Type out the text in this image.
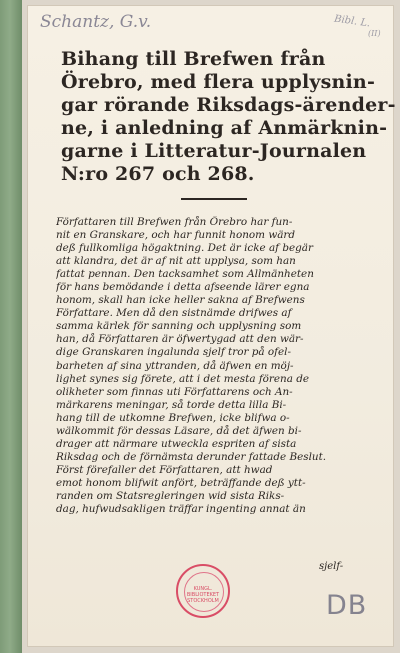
Schantz, G.v.	Bibl. L.
(II)
Bihang till Brefwen från
Örebro, med flera upplysnin-
gar rörande Riksdags-ärender-
ne, i anledning af Anmärknin-
garne i Litteratur-Journalen
N:ro 267 och 268.
Författaren till Brefwen från Örebro har fun-
nit en Granskare, och har funnit honom wärd
deß fullkomliga högaktning. Det är icke af begär
att klandra, det är af nit att upplysa, som han
fattat pennan. Den tacksamhet som Allmänheten
för hans bemödande i detta afseende lärer egna
honom, skall han icke heller sakna af Brefwens
Författare. Men då den sistnämde drifwes af
samma kärlek för sanning och upplysning som
han, då Författaren är öfwertygad att den wär-
dige Granskaren ingalunda sjelf tror på ofel-
barheten af sina yttranden, då äfwen en möj-
lighet synes sig förete, att i det mesta förena de
olikheter som finnas uti Författarens och An-
märkarens meningar, så torde detta lilla Bi-
hang till de utkomne Brefwen, icke blifwa o-
wälkommit för dessas Läsare, då det äfwen bi-
drager att närmare utweckla espriten af sista
Riksdag och de förnämsta derunder fattade Beslut.
Först förefaller det Författaren, att hwad
emot honom blifwit anfört, beträffande deß ytt-
randen om Statsregleringen wid sista Riks-
dag, hufwudsakligen träffar ingenting annat än
sjelf-
KUNGL. BIBLIOTEKET STOCKHOLM	DB
